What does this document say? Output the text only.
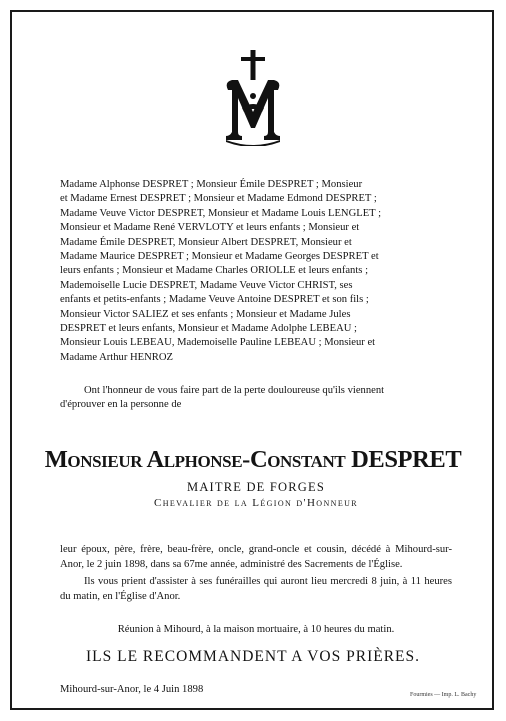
Madame Alphonse DESPRET ; Monsieur Émile DESPRET ; Monsieur
et Madame Ernest DESPRET ; Monsieur et Madame Edmond DESPRET ;
Madame Veuve Victor DESPRET, Monsieur et Madame Louis LENGLET ;
Monsieur et Madame René VERVLOTY et leurs enfants ; Monsieur et
Madame Émile DESPRET, Monsieur Albert DESPRET, Monsieur et
Madame Maurice DESPRET ; Monsieur et Madame Georges DESPRET et
leurs enfants ; Monsieur et Madame Charles ORIOLLE et leurs enfants ;
Mademoiselle Lucie DESPRET, Madame Veuve Victor CHRIST, ses
enfants et petits-enfants ; Madame Veuve Antoine DESPRET et son fils ;
Monsieur Victor SALIEZ et ses enfants ; Monsieur et Madame Jules
DESPRET et leurs enfants, Monsieur et Madame Adolphe LEBEAU ;
Monsieur Louis LEBEAU, Mademoiselle Pauline LEBEAU ; Monsieur et
Madame Arthur HENROZ
Ont l'honneur de vous faire part de la perte douloureuse qu'ils viennent
d'éprouver en la personne de
Monsieur Alphonse-Constant DESPRET
MAITRE DE FORGES
Chevalier de la Légion d'Honneur

leur époux, père, frère, beau-frère, oncle, grand-oncle et cousin, décédé à Mihourd-sur-Anor, le 2 juin 1898, dans sa 67me année, administré des Sacrements de l'Église.

Ils vous prient d'assister à ses funérailles qui auront lieu mercredi 8 juin, à 11 heures du matin, en l'Église d'Anor.

Réunion à Mihourd, à la maison mortuaire, à 10 heures du matin.
ILS LE RECOMMANDENT A VOS PRIÈRES.
Mihourd-sur-Anor, le 4 Juin 1898	Fourmies — Imp. L. Bachy
